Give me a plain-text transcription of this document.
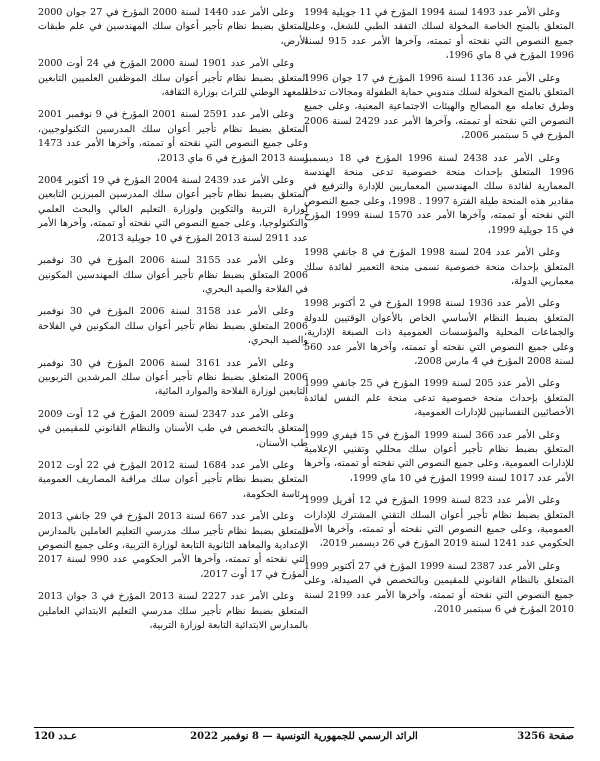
وعلى الأمر عدد 1493 لسنة 1994 المؤرخ في 11 جويلية 1994 المتعلق بالمنح الخاصة المخولة لسلك التفقد الطبي للشغل، وعلى جميع النصوص التي نقحته أو تممته، وآخرها الأمر عدد 915 لسنة 1996 المؤرخ في 8 ماي 1996،

وعلى الأمر عدد 1136 لسنة 1996 المؤرخ في 17 جوان 1996 المتعلق بالمنح المخولة لسلك مندوبي حماية الطفولة ومجالات تدخله وطرق تعامله مع المصالح والهيئات الاجتماعية المعنية، وعلى جميع النصوص التي نقحته أو تممته، وآخرها الأمر عدد 2429 لسنة 2006 المؤرخ في 5 سبتمبر 2006،

وعلى الأمر عدد 2438 لسنة 1996 المؤرخ في 18 ديسمبر 1996 المتعلق بإحداث منحة خصوصية تدعى منحة الهندسة المعمارية لفائدة سلك المهندسين المعماريين للإدارة والترفيع في مقادير هذه المنحة طيلة الفترة 1997 . 1998، وعلى جميع النصوص التي نقحته أو تممته، وآخرها الأمر عدد 1570 لسنة 1999 المؤرخ في 15 جويلية 1999،

وعلى الأمر عدد 204 لسنة 1998 المؤرخ في 8 جانفي 1998 المتعلق بإحداث منحة خصوصية تسمى منحة التعمير لفائدة سلك معماريي الدولة،

وعلى الأمر عدد 1936 لسنة 1998 المؤرخ في 2 أكتوبر 1998 المتعلق بضبط النظام الأساسي الخاص بالأعوان الوقتيين للدولة والجماعات المحلية والمؤسسات العمومية ذات الصبغة الإدارية، وعلى جميع النصوص التي نقحته أو تممته، وآخرها الأمر عدد 560 لسنة 2008 المؤرخ في 4 مارس 2008،

وعلى الأمر عدد 205 لسنة 1999 المؤرخ في 25 جانفي 1999 المتعلق بإحداث منحة خصوصية تدعى منحة علم النفس لفائدة الأخصائيين النفسانيين للإدارات العمومية،

وعلى الأمر عدد 366 لسنة 1999 المؤرخ في 15 فيفري 1999 المتعلق بضبط نظام تأجير أعوان سلك محللي وتقنيي الإعلامية للإدارات العمومية، وعلى جميع النصوص التي نقحته أو تممته، وآخرها الأمر عدد 1017 لسنة 1999 المؤرخ في 10 ماي 1999،

وعلى الأمر عدد 823 لسنة 1999 المؤرخ في 12 أفريل 1999 المتعلق بضبط نظام تأجير أعوان السلك التقني المشترك للإدارات العمومية، وعلى جميع النصوص التي نقحته أو تممته، وآخرها الأمر الحكومي عدد 1241 لسنة 2019 المؤرخ في 26 ديسمبر 2019،

وعلى الأمر عدد 2387 لسنة 1999 المؤرخ في 27 أكتوبر 1999 المتعلق بالنظام القانوني للمقيمين وبالتخصص في الصيدلة، وعلى جميع النصوص التي نقحته أو تممته، وآخرها الأمر عدد 2199 لسنة 2010 المؤرخ في 6 سبتمبر 2010،

وعلى الأمر عدد 1440 لسنة 2000 المؤرخ في 27 جوان 2000 المتعلق بضبط نظام تأجير أعوان سلك المهندسين في علم طبقات الأرض،

وعلى الأمر عدد 1901 لسنة 2000 المؤرخ في 24 أوت 2000 المتعلق بضبط نظام تأجير أعوان سلك الموظفين العلميين التابعين للمعهد الوطني للتراث بوزارة الثقافة،

وعلى الأمر عدد 2591 لسنة 2001 المؤرخ في 9 نوفمبر 2001 المتعلق بضبط نظام تأجير أعوان سلك المدرسين التكنولوجيين، وعلى جميع النصوص التي نقحته أو تممته، وآخرها الأمر عدد 1473 لسنة 2013 المؤرخ في 6 ماي 2013،

وعلى الأمر عدد 2439 لسنة 2004 المؤرخ في 19 أكتوبر 2004 المتعلق بضبط نظام تأجير أعوان سلك المدرسين المبرزين التابعين لوزارة التربية والتكوين ولوزارة التعليم العالي والبحث العلمي والتكنولوجيا، وعلى جميع النصوص التي نقحته أو تممته، وآخرها الأمر عدد 2911 لسنة 2013 المؤرخ في 10 جويلية 2013،

وعلى الأمر عدد 3155 لسنة 2006 المؤرخ في 30 نوفمبر 2006 المتعلق بضبط نظام تأجير أعوان سلك المهندسين المكونين في الفلاحة والصيد البحري،

وعلى الأمر عدد 3158 لسنة 2006 المؤرخ في 30 نوفمبر 2006 المتعلق بضبط نظام تأجير أعوان سلك المكونين في الفلاحة والصيد البحري،

وعلى الأمر عدد 3161 لسنة 2006 المؤرخ في 30 نوفمبر 2006 المتعلق بضبط نظام تأجير أعوان سلك المرشدين التربويين التابعين لوزارة الفلاحة والموارد المائية،

وعلى الأمر عدد 2347 لسنة 2009 المؤرخ في 12 أوت 2009 المتعلق بالتخصص في طب الأسنان والنظام القانوني للمقيمين في طب الأسنان،

وعلى الأمر عدد 1684 لسنة 2012 المؤرخ في 22 أوت 2012 المتعلق بضبط نظام تأجير أعوان سلك مراقبة المصاريف العمومية برئاسة الحكومة،

وعلى الأمر عدد 667 لسنة 2013 المؤرخ في 29 جانفي 2013 المتعلق بضبط نظام تأجير سلك مدرسي التعليم العاملين بالمدارس الإعدادية والمعاهد الثانوية التابعة لوزارة التربية، وعلى جميع النصوص التي نقحته أو تممته، وآخرها الأمر الحكومي عدد 990 لسنة 2017 المؤرخ في 17 أوت 2017،

وعلى الأمر عدد 2227 لسنة 2013 المؤرخ في 3 جوان 2013 المتعلق بضبط نظام تأجير سلك مدرسي التعليم الابتدائي العاملين بالمدارس الابتدائية التابعة لوزارة التربية،

صفحة 3256
الرائد الرسمي للجمهورية التونسية — 8 نوفمبر 2022
عـدد 120
